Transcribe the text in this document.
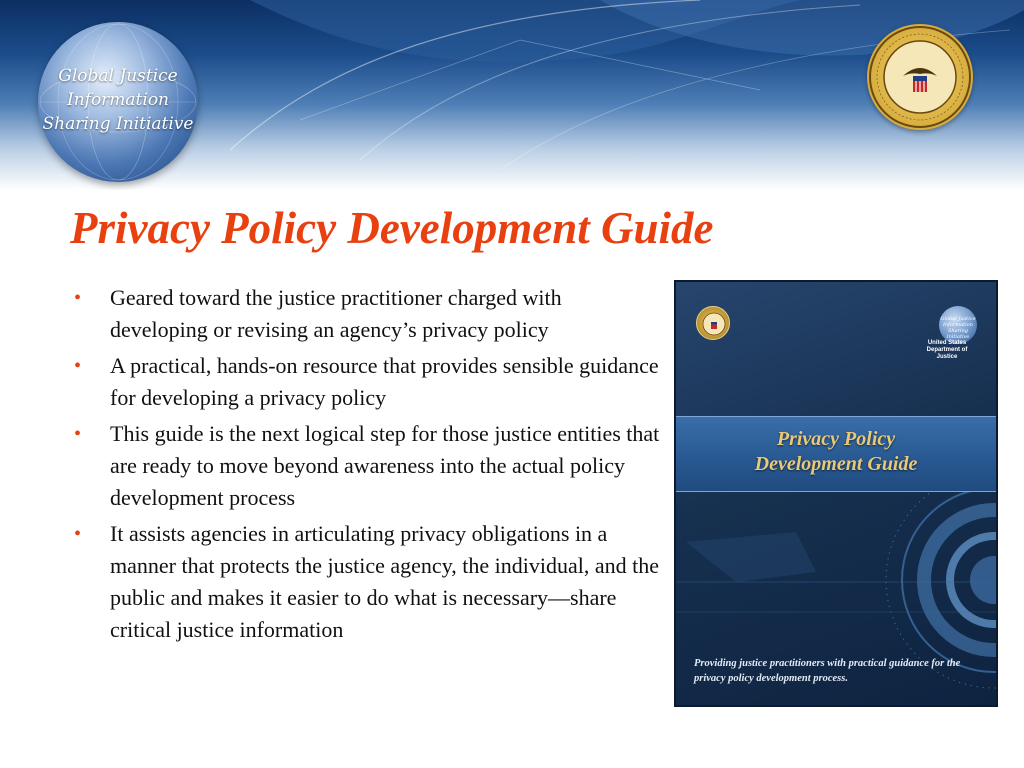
Global Justice
Information
Sharing Initiative
Privacy Policy Development Guide
•	Geared toward the justice practitioner charged with developing or revising an agency’s privacy policy
•	A practical, hands-on resource that provides sensible guidance for developing a privacy policy
•	This guide is the next logical step for those justice entities that are ready to move beyond awareness into the actual policy development process
•	It assists agencies in articulating privacy obligations in a manner that protects the justice agency, the individual, and the public and makes it easier to do what is necessary—share critical justice information
Global Justice
Information
Sharing
Initiative
United States
Department of Justice
Privacy Policy
Development Guide
Providing justice practitioners with practical guidance for the privacy policy development process.
